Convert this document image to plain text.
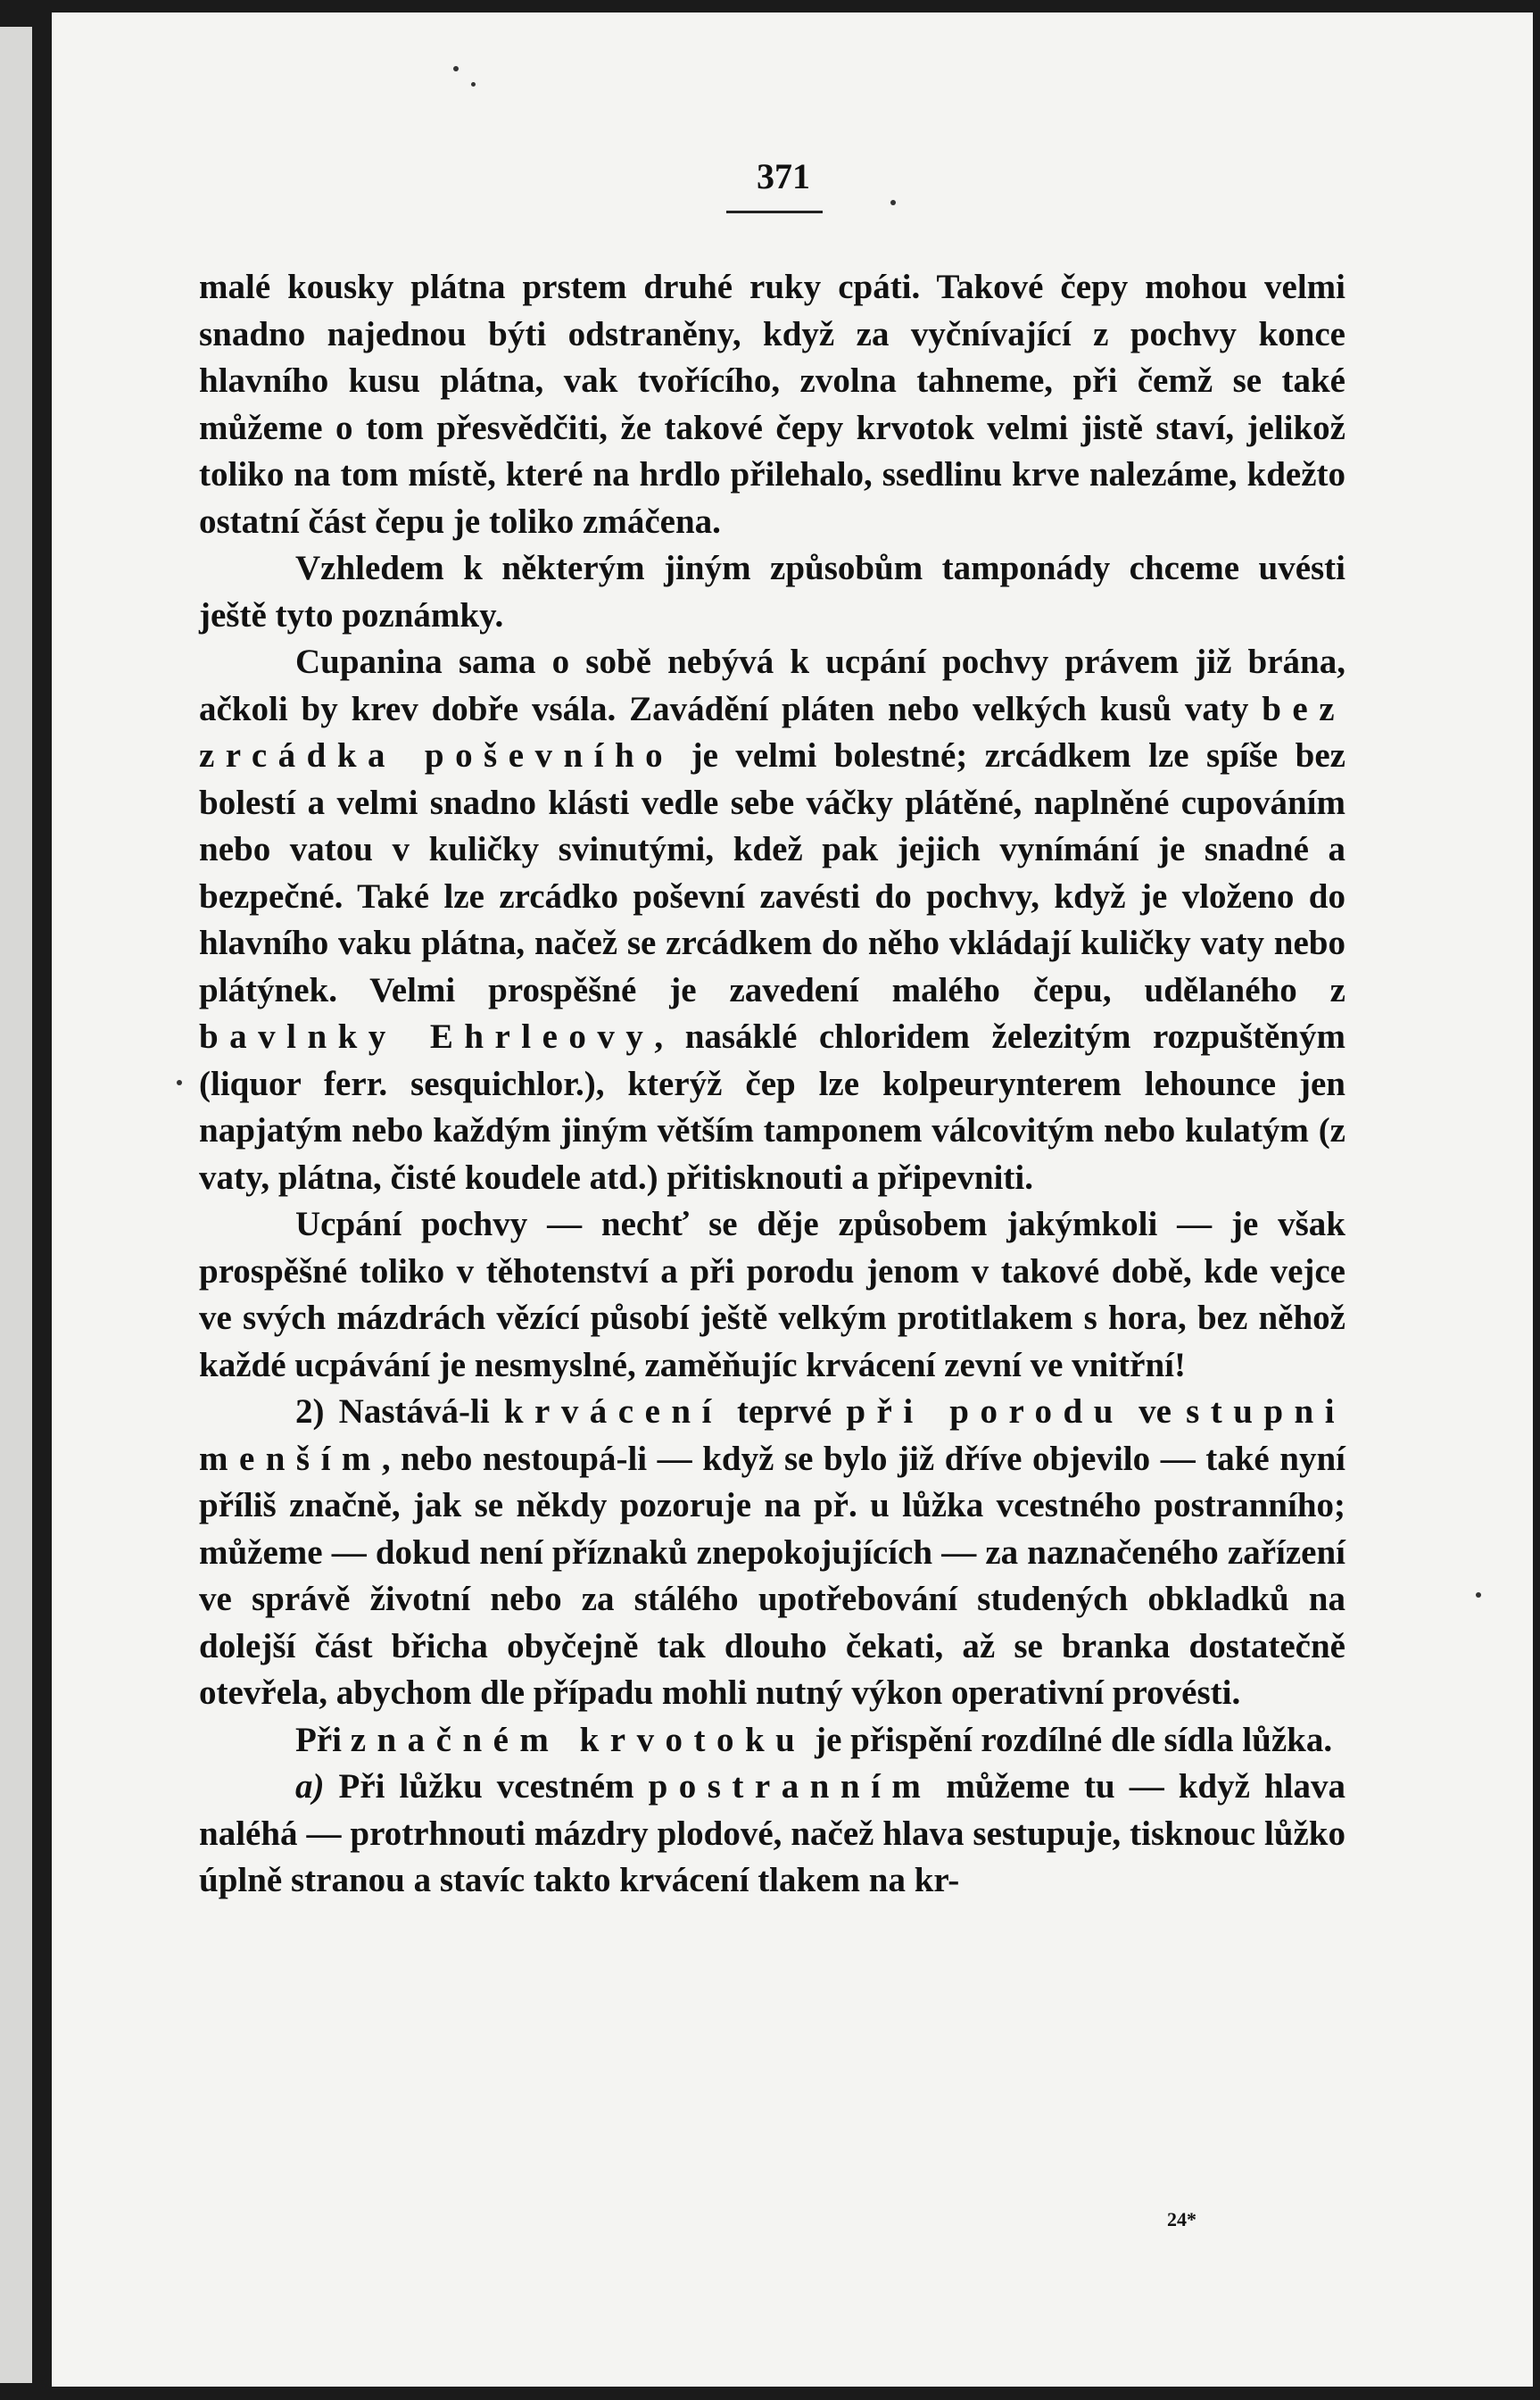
371

malé kousky plátna prstem druhé ruky cpáti. Takové čepy mohou velmi snadno najednou býti odstraněny, když za vyčnívající z pochvy konce hlavního kusu plátna, vak tvořícího, zvolna tahneme, při čemž se také můžeme o tom přesvědčiti, že takové čepy krvotok velmi jistě staví, jelikož toliko na tom místě, které na hrdlo přilehalo, ssedlinu krve nalezáme, kdežto ostatní část čepu je toliko zmáčena.

Vzhledem k některým jiným způsobům tamponády chceme uvésti ještě tyto poznámky.

Cupanina sama o sobě nebývá k ucpání pochvy právem již brána, ačkoli by krev dobře vsála. Zavádění pláten nebo velkých kusů vaty bez zrcádka poševního je velmi bolestné; zrcádkem lze spíše bez bolestí a velmi snadno klásti vedle sebe váčky plátěné, naplněné cupováním nebo vatou v kuličky svinutými, kdež pak jejich vynímání je snadné a bezpečné. Také lze zrcádko poševní zavésti do pochvy, když je vloženo do hlavního vaku plátna, načež se zrcádkem do něho vkládají kuličky vaty nebo plátýnek. Velmi prospěšné je zavedení malého čepu, udělaného z bavlnky Ehrleovy, nasáklé chloridem železitým rozpuštěným (liquor ferr. sesquichlor.), kterýž čep lze kolpeurynterem lehounce jen napjatým nebo každým jiným větším tamponem válcovitým nebo kulatým (z vaty, plátna, čisté koudele atd.) přitisknouti a připevniti.

Ucpání pochvy — nechť se děje způsobem jakýmkoli — je však prospěšné toliko v těhotenství a při porodu jenom v takové době, kde vejce ve svých mázdrách vězící působí ještě velkým protitlakem s hora, bez něhož každé ucpávání je nesmyslné, zaměňujíc krvácení zevní ve vnitřní!

2) Nastává-li krvácení teprvé při porodu ve stupni menším, nebo nestoupá-li — když se bylo již dříve objevilo — také nyní příliš značně, jak se někdy pozoruje na př. u lůžka vcestného postranního; můžeme — dokud není příznaků znepokojujících — za naznačeného zařízení ve správě životní nebo za stálého upotřebování studených obkladků na dolejší část břicha obyčejně tak dlouho čekati, až se branka dostatečně otevřela, abychom dle případu mohli nutný výkon operativní provésti.

Při značném krvotoku je přispění rozdílné dle sídla lůžka.

a) Při lůžku vcestném postranním můžeme tu — když hlava naléhá — protrhnouti mázdry plodové, načež hlava sestupuje, tisknouc lůžko úplně stranou a stavíc takto krvácení tlakem na kr-

24*
